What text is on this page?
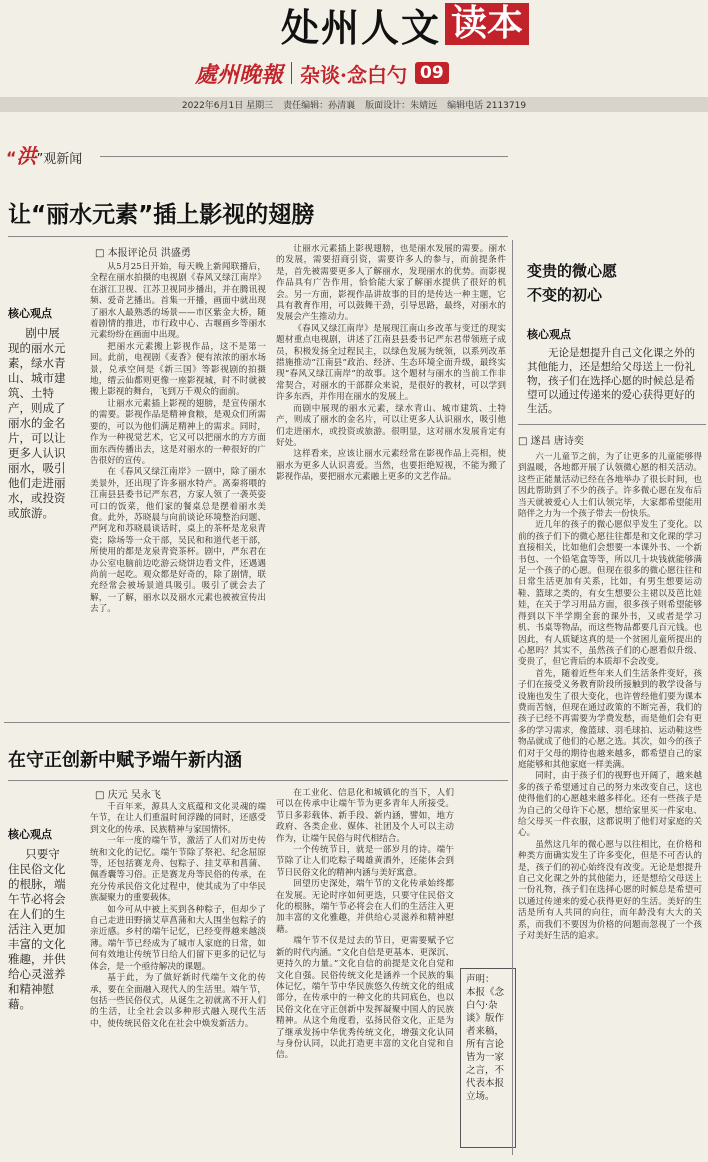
处州人文 读本
處州晚報 杂谈·念白勺 09
2022年6月1日 星期三 责任编辑：孙清襄 版面设计：朱婧远 编辑电话 2113719
“ 洪 ”观新闻
让“丽水元素”插上影视的翅膀
□ 本报评论员 洪盛勇
核心观点
剧中展现的丽水元素，绿水青山、城市建筑、土特产，则成了丽水的金名片，可以让更多人认识丽水，吸引他们走进丽水，或投资或旅游。

从5月25日开始，每天晚上新闻联播后，全程在丽水拍摄的电视剧《春风又绿江南岸》在浙江卫视、江苏卫视同步播出，并在腾讯视频、爱奇艺播出。首集一开播，画面中就出现了丽水人最熟悉的场景——市区紫金大桥，随着剧情的推进，市行政中心、古堰画乡等丽水元素纷纷在画面中出现。

把丽水元素搬上影视作品，这不是第一回。此前，电视剧《麦香》便有浓浓的丽水场景，兑承空间是《新三国》等影视剧的拍摄地，缙云仙都则更像一座影视城，时不时就被搬上影视的舞台，飞到万千观众的面前。

让丽水元素插上影视的翅膀，是宣传丽水的需要。影视作品是精神食粮，是观众们所需要的，可以为他们满足精神上的需求。同时，作为一种视觉艺术，它又可以把丽水的方方面面东西传播出去，这是对丽水的一种很好的广告很好的宣传。

在《春风又绿江南岸》一剧中，除了丽水美景外，还出现了许多丽水特产。离秦将喂的江南县县委书记严东君，方家人领了一袭英姿可口的饭菜，他们家的餐桌总是摆着丽水美食。此外，苏晓晨与向前谈论环境整治问题、严阿龙和苏晓晨谈话时，桌上的茶杯是龙泉青瓷；除场等一众干部，吴民和和道代老干部，所使用的都是龙泉青瓷茶杯。剧中，严东君在办公室电脑前边吃游云烧饼边看文件，还遇遇尚前一起吃。观众都是好奇的，除了剧情，联充经常会被场景道具吸引。吸引了就会去了解，一了解，丽水以及丽水元素也被被宣传出去了。

让丽水元素插上影视翅膀，也是丽水发展的需要。丽水的发展，需要招商引资，需要许多人的参与，而前提条件是，首先被需要更多人了解丽水，发现丽水的优势。而影视作品具有广告作用，恰恰能大家了解丽水提供了很好的机会。另一方面，影视作品讲故事的目的是传达一种主题，它具有教育作用，可以鼓舞干劲，引导思路，最终，对丽水的发展会产生推动力。

《春风又绿江南岸》是展现江南山乡改革与变迁的现实题材重点电视剧，讲述了江南县县委书记严东君带领班子成员，积极发扬全过程民主，以绿色发展为统领，以系列改革措施推动“江南县”政治、经济、生态环境全面升级，最终实现“春风又绿江南岸”的故事。这个题材与丽水的当前工作非常契合，对丽水的干部群众来说，是很好的教材，可以学到许多东西，并作用在丽水的发展上。

而剧中展现的丽水元素，绿水青山、城市建筑、土特产，则成了丽水的金名片，可以让更多人认识丽水，吸引他们走进丽水，或投资或旅游。很明显，这对丽水发展肯定有好处。

这样看来，应该让丽水元素经常在影视作品上亮相，使丽水为更多人认识喜爱。当然，也要拒绝短视，不能为搬了影视作品，要把丽水元素融上更多的文艺作品。

在守正创新中赋予端午新内涵
□ 庆元 吴永飞
核心观点
只要守住民俗文化的根脉，端午节必将会在人们的生活注入更加丰富的文化雅趣，并供给心灵滋养和精神慰藉。

千百年来，源具人文底蕴和文化灵魂的端午节，在让人们重温时间浮躁的同时，还感受到文化的传承、民族精神与家国情怀。

一年一度的端午节，激活了人们对历史传统和文化的记忆。端午节除了祭祀、纪念屈原等，还包括赛龙舟、包粽子、挂艾草和菖蒲、佩香囊等习俗。正是赛龙舟等民俗的传承，在充分传承民俗文化过程中，使其成为了中华民族凝聚力的重要载体。

如今可从中被上买到各种粽子，但却少了自己走进田野摘艾草菖蒲和大人围坐包粽子的亲近感。乡村的端午记忆，已经变得越来越淡薄。端午节已经成为了城市人家庭的日常，如何有效地让传统节日给人们留下更多的记忆与体会，是一个亟待解决的课题。

基于此，为了做好新时代端午文化的传承，要在全面融入现代人的生活里。端午节，包括一些民俗仪式，从诞生之初就离不开人们的生活，让全社会以多种形式融入现代生活中，使传统民俗文化在社会中焕发新活力。

在工业化、信息化和城镇化的当下，人们可以在传承中让端午节为更多青年人所接受。节日多彩载体、新手段、新内涵，譬如，地方政府、各类企业、媒体、社团及个人可以主动作为，让端午民俗与时代相结合。

一个传统节日，就是一部岁月的诗。端午节除了让人们吃粽子喝雄黄酒外，还能体会到节日民俗文化的精神内涵与美好寓意。

回望历史深处，端午节的文化传承始终都在发展。无论时序如何更迭，只要守住民俗文化的根脉，端午节必将会在人们的生活注入更加丰富的文化雅趣，并供给心灵滋养和精神慰藉。

端午节不仅是过去的节日，更需要赋予它新的时代内涵。“文化自信是更基本、更深沉、更持久的力量。”文化自信的前提是文化自觉和文化自强。民俗传统文化是涵养一个民族的集体记忆，端午节中华民族悠久传统文化的组成部分，在传承中的一种文化的共同底色，也以民俗文化在守正创新中发挥凝聚中国人的民族精神。从这个角度看，弘扬民俗文化，正是为了继承发扬中华优秀传统文化，增强文化认同与身份认同，以此打造更丰富的文化自觉和自信。

声明：
本报《念白勺·杂谈》版作者来稿，所有言论皆为一家之言，不代表本报立场。
变贵的微心愿
不变的初心
核心观点
无论是想提升自己文化课之外的其他能力，还是想给父母送上一份礼物，孩子们在选择心愿的时候总是希望可以通过传递来的爱心获得更好的生活。
□ 遂昌 唐诗奕

六一儿童节之前，为了让更多的儿童能够得到温暖，各地都开展了认领微心愿的相关活动。这些正能量活动已经在各地举办了很长时间，也因此帮助到了不少的孩子。许多微心愿在发布后当天就被爱心人士们认领完毕，大家都希望能用陪伴之力为一个孩子带去一份快乐。

近几年的孩子的微心愿似乎发生了变化。以前的孩子们下的微心愿往往都是和文化课的学习直接相关，比如他们会想要一本课外书、一个新书包、一个铅笔盒等等，所以几十块钱就能够满足一个孩子的心愿。但现在很多的微心愿往往和日常生活更加有关系，比如，有男生想要运动鞋、篮球之类的，有女生想要公主裙以及芭比娃娃，在关于学习用品方面，很多孩子则希望能够得到以下半学期全套的课外书，又或者是学习机、书桌等物品，而这些物品都要几百元钱。也因此，有人质疑这真的是一个贫困儿童所提出的心愿吗？其实不，虽然孩子们的心愿看似升级、变贵了，但它背后的本质却不会改变。

首先，随着近些年来人们生活条件变好，孩子们在接受义务教育阶段所接触到的教学设备与设施也发生了很大变化，也许曾经他们要为课本费而苦恼，但现在通过政策的不断完善，我们的孩子已经不再需要为学费发愁，而是他们会有更多的学习需求，像篮球、羽毛球拍、运动鞋这些物品就成了他们的心愿之选。其次，如今的孩子们对于父母的期待也越来越多，都希望自己的家庭能够和其他家庭一样美满。

同时，由于孩子们的视野也开阔了，越来越多的孩子希望通过自己的努力来改变自己，这也使得他们的心愿越来越多样化。还有一些孩子是为自己的父母许下心愿，想给家里买一件家电、给父母买一件衣服，这都说明了他们对家庭的关心。

虽然这几年的微心愿与以往相比，在价格和种类方面确实发生了许多变化，但是不可否认的是，孩子们的初心始终没有改变。无论是想提升自己文化课之外的其他能力，还是想给父母送上一份礼物，孩子们在选择心愿的时候总是希望可以通过传递来的爱心获得更好的生活。美好的生活是所有人共同的向往，而年龄没有大大的关系，而我们不要因为价格的问题而忽视了一个孩子对美好生活的追求。
